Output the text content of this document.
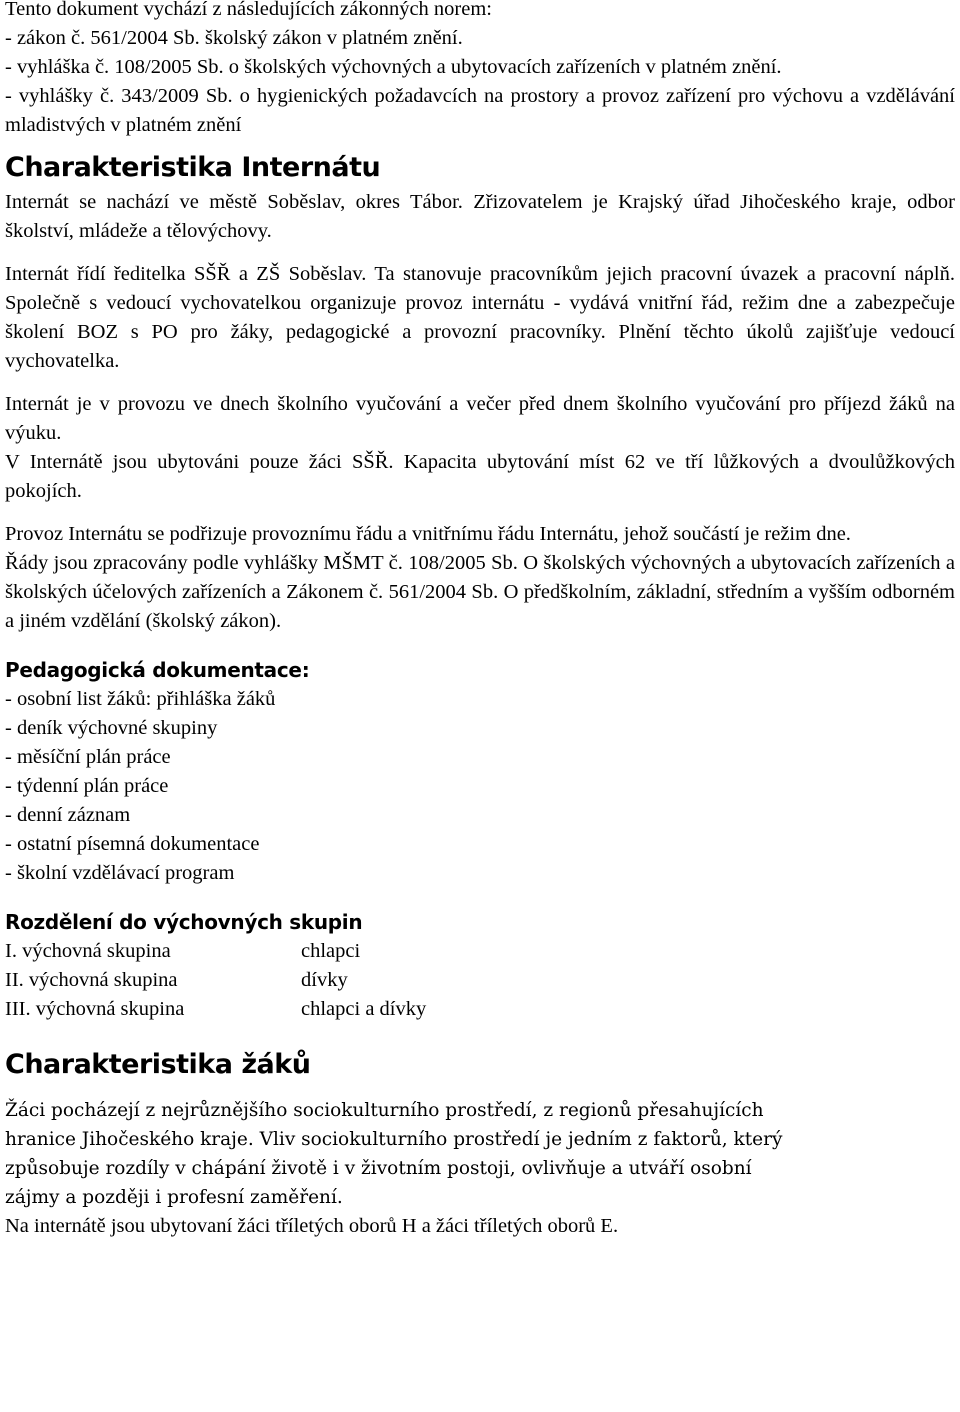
Tento dokument vychází z následujících zákonných norem:

- zákon č. 561/2004 Sb. školský zákon v platném znění.

- vyhláška č. 108/2005 Sb. o školských výchovných a ubytovacích zařízeních v platném znění.

- vyhlášky č. 343/2009 Sb. o hygienických požadavcích na prostory a provoz zařízení pro výchovu a vzdělávání mladistvých v platném znění

Charakteristika Internátu

Internát se nachází ve městě Soběslav, okres Tábor. Zřizovatelem je Krajský úřad Jihočeského kraje, odbor školství, mládeže a tělovýchovy.

Internát řídí ředitelka SŠŘ a ZŠ Soběslav. Ta stanovuje pracovníkům jejich pracovní úvazek a pracovní náplň. Společně s vedoucí vychovatelkou organizuje provoz internátu - vydává vnitřní řád, režim dne a zabezpečuje školení BOZ s PO pro žáky, pedagogické a provozní pracovníky. Plnění těchto úkolů zajišťuje vedoucí vychovatelka.

Internát je v provozu ve dnech školního vyučování a večer před dnem školního vyučování pro příjezd žáků na výuku.

V Internátě jsou ubytováni pouze žáci SŠŘ. Kapacita ubytování míst 62 ve tří lůžkových a dvoulůžkových pokojích.

Provoz Internátu se podřizuje provoznímu řádu a vnitřnímu řádu Internátu, jehož součástí je režim dne.

Řády jsou zpracovány podle vyhlášky MŠMT č. 108/2005 Sb. O školských výchovných a ubytovacích zařízeních a školských účelových zařízeních a Zákonem č. 561/2004 Sb. O předškolním, základní, středním a vyšším odborném a jiném vzdělání (školský zákon).

Pedagogická dokumentace:
- osobní list žáků: přihláška žáků
- deník výchovné skupiny
- měsíční plán práce
- týdenní plán práce
- denní záznam
- ostatní písemná dokumentace
- školní vzdělávací program
Rozdělení do výchovných skupin
I. výchovná skupina	chlapci
II. výchovná skupina	dívky
III. výchovná skupina	chlapci a dívky
Charakteristika žáků

Žáci pocházejí z nejrůznějšího sociokulturního prostředí, z regionů přesahujících

hranice Jihočeského kraje. Vliv sociokulturního prostředí je jedním z faktorů, který

způsobuje rozdíly v chápání životě i v životním postoji, ovlivňuje a utváří osobní

zájmy a později i profesní zaměření.

Na internátě jsou ubytovaní žáci tříletých oborů H a žáci tříletých oborů E.
